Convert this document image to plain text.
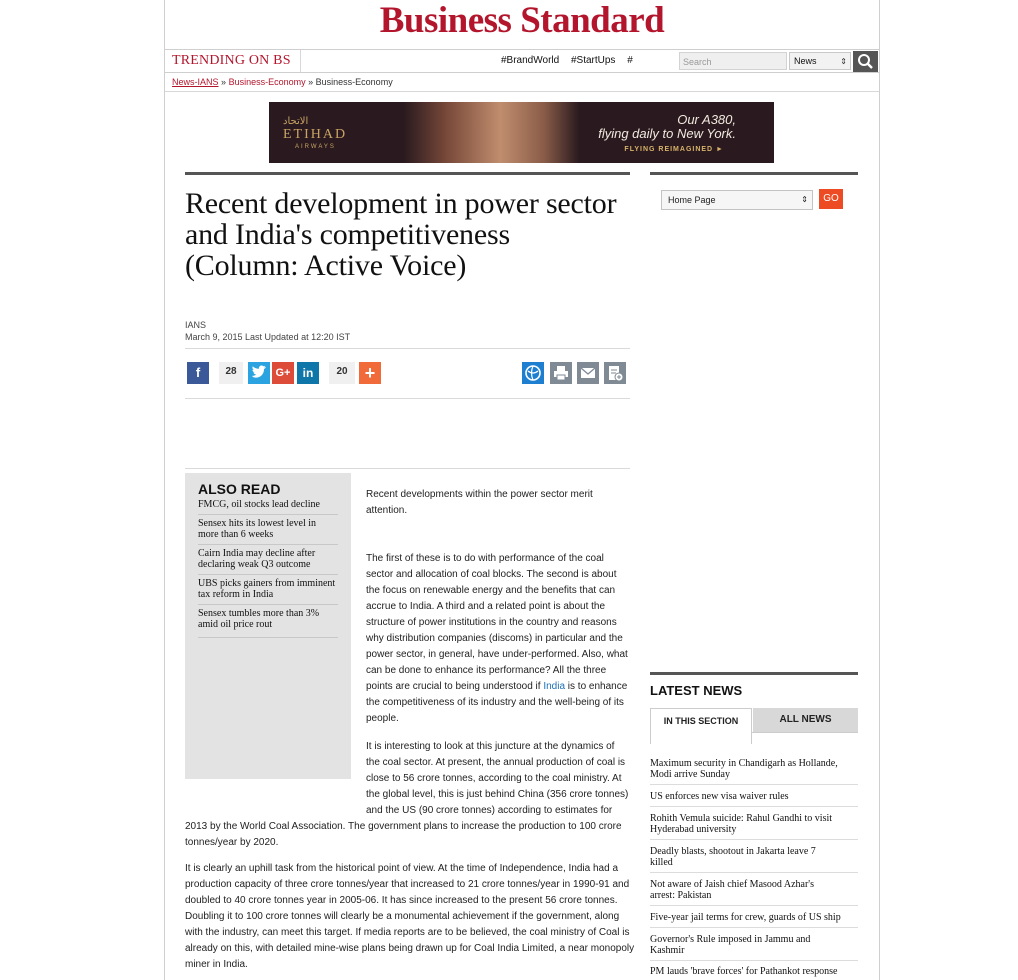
Business Standard
TRENDING ON BS	#BrandWorld #StartUps #	Search	News	⇕
News-IANS » Business-Economy » Business-Economy
الاتحاد
ETIHAD
AIRWAYS
Our A380,
flying daily to New York.
FLYING REIMAGINED ►
Recent development in power sector and India's competitiveness (Column: Active Voice)
IANS
March 9, 2015 Last Updated at 12:20 IST
f	28	G+	in	20 +
ALSO READ
FMCG, oil stocks lead decline
Sensex hits its lowest level in more than 6 weeks
Cairn India may decline after declaring weak Q3 outcome
UBS picks gainers from imminent tax reform in India
Sensex tumbles more than 3% amid oil price rout

Recent developments within the power sector merit attention.

The first of these is to do with performance of the coal sector and allocation of coal blocks. The second is about the focus on renewable energy and the benefits that can accrue to India. A third and a related point is about the structure of power institutions in the country and reasons why distribution companies (discoms) in particular and the power sector, in general, have under-performed. Also, what can be done to enhance its performance? All the three points are crucial to being understood if India is to enhance the competitiveness of its industry and the well-being of its people.

It is interesting to look at this juncture at the dynamics of the coal sector. At present, the annual production of coal is close to 56 crore tonnes, according to the coal ministry. At the global level, this is just behind China (356 crore tonnes) and the US (90 crore tonnes) according to estimates for

2013 by the World Coal Association. The government plans to increase the production to 100 crore tonnes/year by 2020.

It is clearly an uphill task from the historical point of view. At the time of Independence, India had a production capacity of three crore tonnes/year that increased to 21 crore tonnes/year in 1990-91 and doubled to 40 crore tonnes year in 2005-06. It has since increased to the present 56 crore tonnes. Doubling it to 100 crore tonnes will clearly be a monumental achievement if the government, along with the industry, can meet this target. If media reports are to be believed, the coal ministry of Coal is already on this, with detailed mine-wise plans being drawn up for Coal India Limited, a near monopoly miner in India.

Home Page	⇕	GO
LATEST NEWS
IN THIS SECTION	ALL NEWS
Maximum security in Chandigarh as Hollande, Modi arrive Sunday
US enforces new visa waiver rules
Rohith Vemula suicide: Rahul Gandhi to visit Hyderabad university
Deadly blasts, shootout in Jakarta leave 7 killed
Not aware of Jaish chief Masood Azhar's arrest: Pakistan
Five-year jail terms for crew, guards of US ship
Governor's Rule imposed in Jammu and Kashmir
PM lauds 'brave forces' for Pathankot response
